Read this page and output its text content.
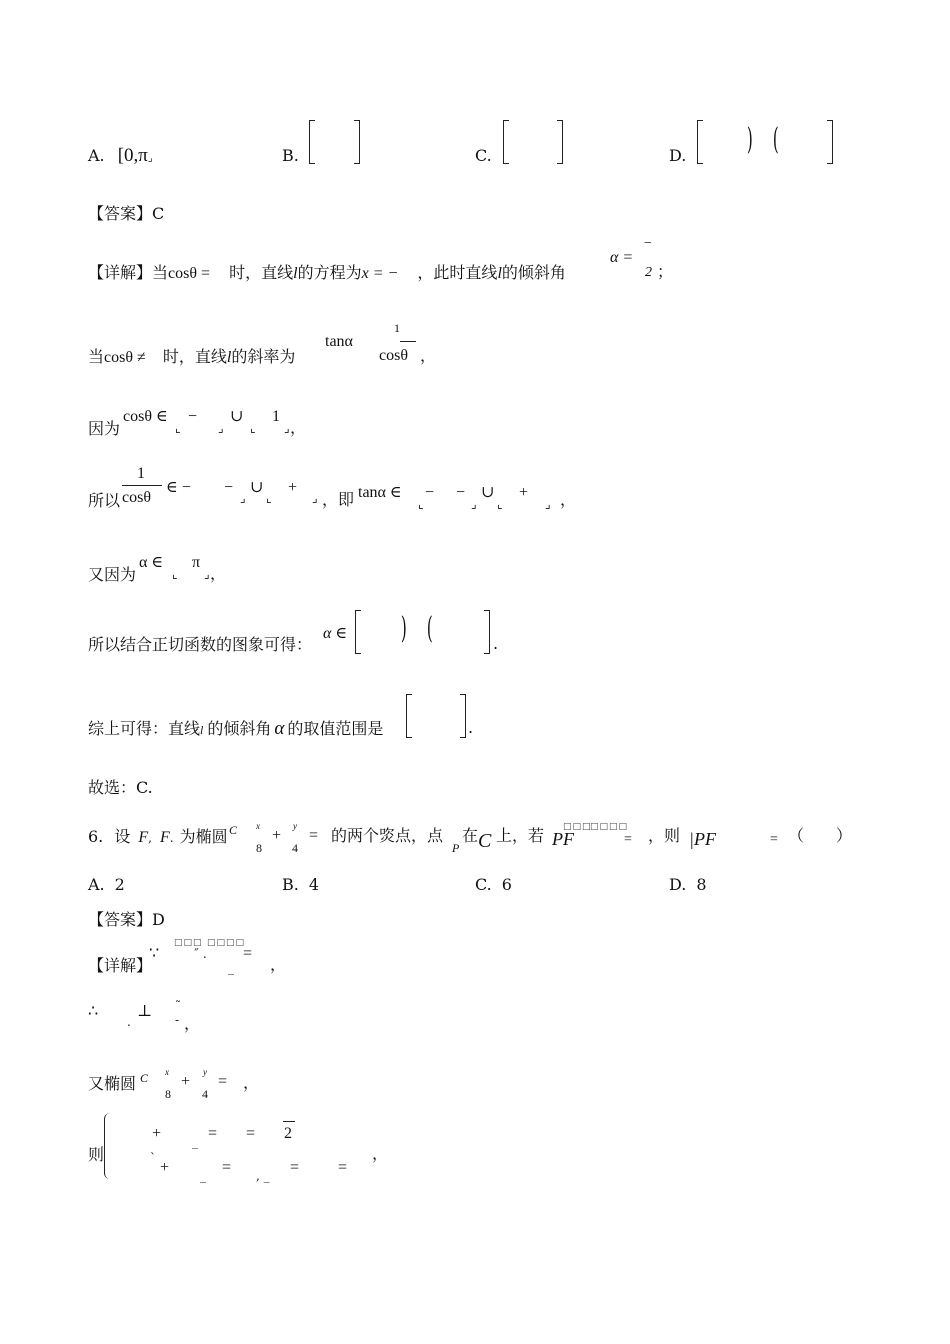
A. [0,π⌟	B.	C.	D. ) (
【答案】C
【详解】当cosθ = 时，直线l的方程为x = − ，此时直线l的倾斜角
α =
−
2 ；
当cosθ ≠ 时，直线l的斜率为
tanα
1
cosθ ，
因为
cosθ ∈
⌞
−
⌟
∪
⌞
1
⌟ ，
所以
1
cosθ
∈ − −
⌟
∪
⌞
+
⌟ ，即 tanα ∈
⌞
− −
⌟
∪
⌞
+
⌟ ，
又因为
α ∈
⌞
π
⌟ ，
所以结合正切函数的图象可得：
α ∈ ) (	.
综上可得：直线l 的倾斜角 α 的取值范围是	.
故选：C.
6. 设 F, F. 为椭圆 C x
8
+
y
4
= 的两个焁点，点
P
在 C 上，若 □□□
□□□□
PF	= ，则 |PF	= （　　）
A. 2	B. 4	C. 6	D. 8
【答案】D
【详解】
∵
□□□ □□□□
˝ .
_
=
，
∴
.
⊥ ˜
- ，
又椭圆 C x
8
+
y
4
= ，
则
+	_ = = 2
ˋ
+	_ = , _ = =
，
